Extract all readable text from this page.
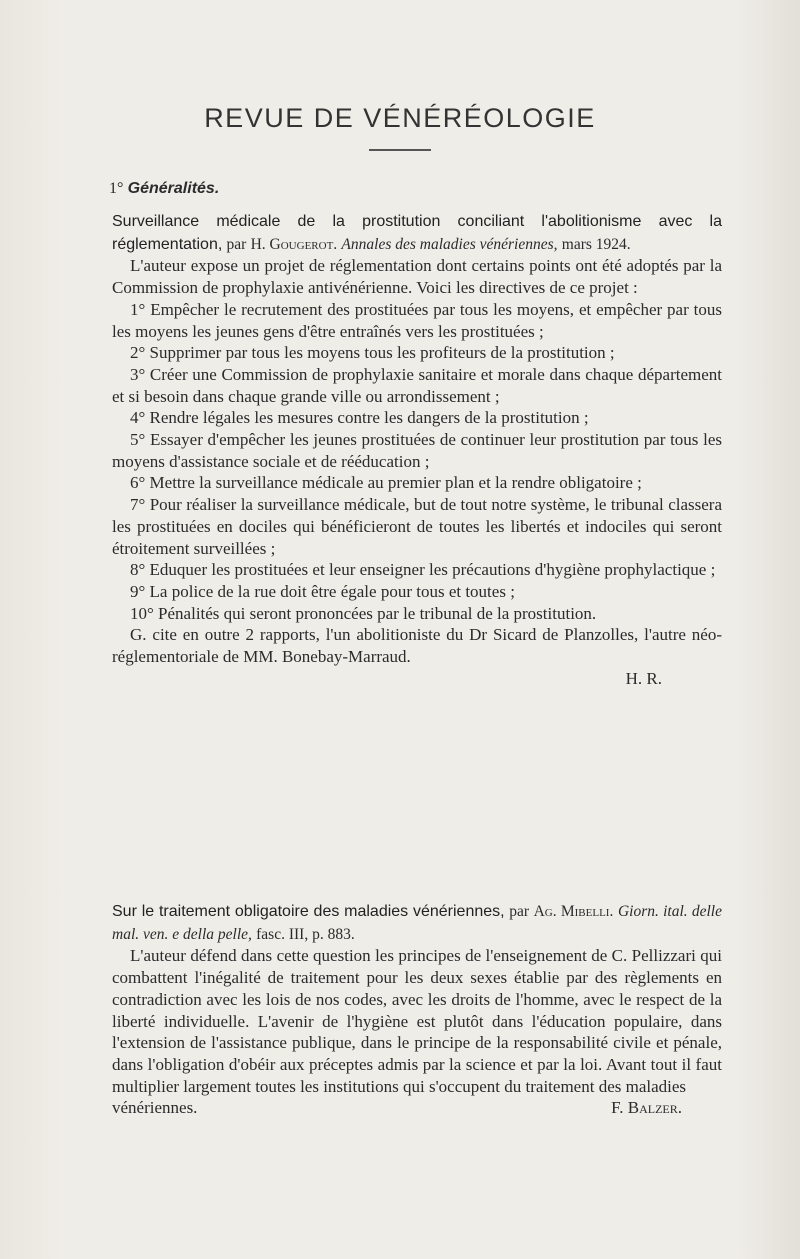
REVUE DE VÉNÉRÉOLOGIE
1° Généralités.

Surveillance médicale de la prostitution conciliant l'abolitionisme avec la réglementation, par H. Gougerot. Annales des maladies vénériennes, mars 1924.

L'auteur expose un projet de réglementation dont certains points ont été adoptés par la Commission de prophylaxie antivénérienne. Voici les directives de ce projet :

1° Empêcher le recrutement des prostituées par tous les moyens, et empêcher par tous les moyens les jeunes gens d'être entraînés vers les prostituées ;

2° Supprimer par tous les moyens tous les profiteurs de la prostitution ;

3° Créer une Commission de prophylaxie sanitaire et morale dans chaque département et si besoin dans chaque grande ville ou arrondissement ;

4° Rendre légales les mesures contre les dangers de la prostitution ;

5° Essayer d'empêcher les jeunes prostituées de continuer leur prostitution par tous les moyens d'assistance sociale et de rééducation ;

6° Mettre la surveillance médicale au premier plan et la rendre obligatoire ;

7° Pour réaliser la surveillance médicale, but de tout notre système, le tribunal classera les prostituées en dociles qui bénéficieront de toutes les libertés et indociles qui seront étroitement surveillées ;

8° Eduquer les prostituées et leur enseigner les précautions d'hygiène prophylactique ;

9° La police de la rue doit être égale pour tous et toutes ;

10° Pénalités qui seront prononcées par le tribunal de la prostitution.

G. cite en outre 2 rapports, l'un abolitioniste du Dr Sicard de Planzolles, l'autre néo-réglementoriale de MM. Bonebay-Marraud.

H. R.

Sur le traitement obligatoire des maladies vénériennes, par Ag. Mibelli. Giorn. ital. delle mal. ven. e della pelle, fasc. III, p. 883.

L'auteur défend dans cette question les principes de l'enseignement de C. Pellizzari qui combattent l'inégalité de traitement pour les deux sexes établie par des règlements en contradiction avec les lois de nos codes, avec les droits de l'homme, avec le respect de la liberté individuelle. L'avenir de l'hygiène est plutôt dans l'éducation populaire, dans l'extension de l'assistance publique, dans le principe de la responsabilité civile et pénale, dans l'obligation d'obéir aux préceptes admis par la science et par la loi. Avant tout il faut multiplier largement toutes les institutions qui s'occupent du traitement des maladies

vénériennes.	F. Balzer.
